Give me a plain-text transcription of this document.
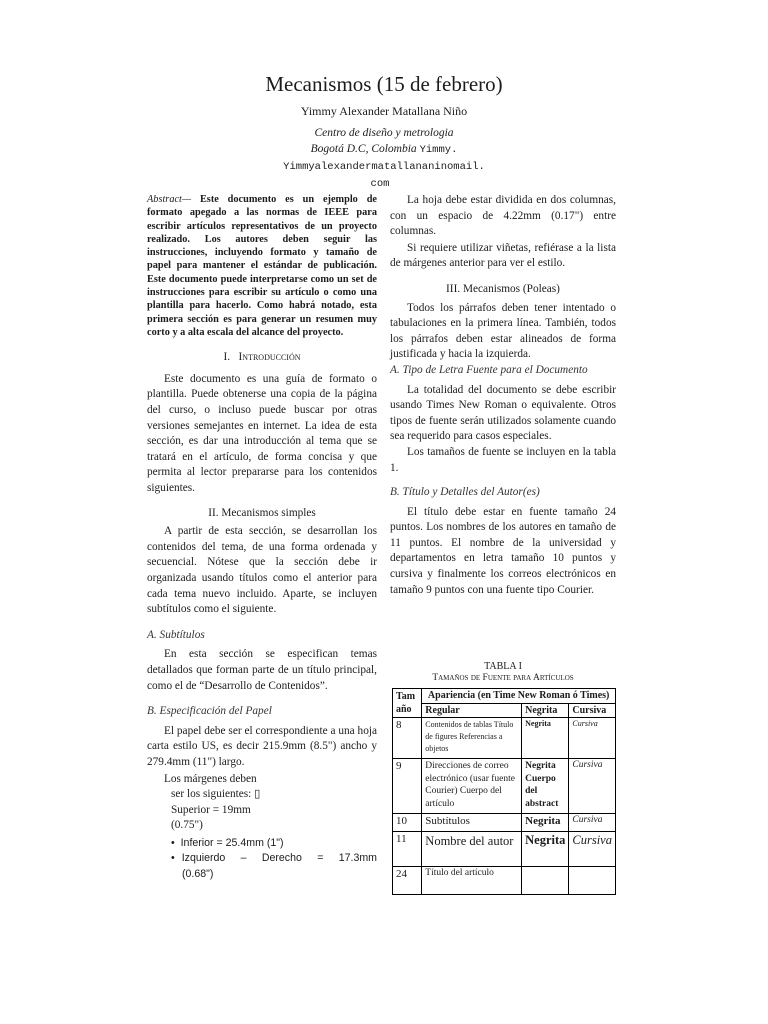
Mecanismos (15 de febrero)
Yimmy Alexander Matallana Niño
Centro de diseño y metrologia
Bogotá D.C, Colombia Yimmy.
Yimmyalexandermatallananinomail.
com

Abstract— Este documento es un ejemplo de formato apegado a las normas de IEEE para escribir artículos representativos de un proyecto realizado. Los autores deben seguir las instrucciones, incluyendo formato y tamaño de papel para mantener el estándar de publicación. Este documento puede interpretarse como un set de instrucciones para escribir su artículo o como una plantilla para hacerlo. Como habrá notado, esta primera sección es para generar un resumen muy corto y a alta escala del alcance del proyecto.

I. Introducción

Este documento es una guía de formato o plantilla. Puede obtenerse una copia de la página del curso, o incluso puede buscar por otras versiones semejantes en internet. La idea de esta sección, es dar una introducción al tema que se tratará en el artículo, de forma concisa y que permita al lector prepararse para los contenidos siguientes.

II. Mecanismos simples

A partir de esta sección, se desarrollan los contenidos del tema, de una forma ordenada y secuencial. Nótese que la sección debe ir organizada usando títulos como el anterior para cada tema nuevo incluido. Aparte, se incluyen subtítulos como el siguiente.

A. Subtítulos

En esta sección se especifican temas detallados que forman parte de un título principal, como el de “Desarrollo de Contenidos”.

B. Especificación del Papel

El papel debe ser el correspondiente a una hoja carta estilo US, es decir 215.9mm (8.5") ancho y 279.4mm (11") largo.

Los márgenes deben

ser los siguientes: ▯

Superior = 19mm

(0.75")

• Inferior = 25.4mm (1")

• Izquierdo – Derecho = 17.3mm

(0.68")

La hoja debe estar dividida en dos columnas, con un espacio de 4.22mm (0.17") entre columnas.

Si requiere utilizar viñetas, refiérase a la lista de márgenes anterior para ver el estilo.

III. Mecanismos (Poleas)

Todos los párrafos deben tener intentado o tabulaciones en la primera línea. También, todos los párrafos deben estar alineados de forma justificada y hacia la izquierda.

A. Tipo de Letra Fuente para el Documento

La totalidad del documento se debe escribir usando Times New Roman o equivalente. Otros tipos de fuente serán utilizados solamente cuando sea requerido para casos especiales.

Los tamaños de fuente se incluyen en la tabla 1.

B. Título y Detalles del Autor(es)

El título debe estar en fuente tamaño 24 puntos. Los nombres de los autores en tamaño de 11 puntos. El nombre de la universidad y departamentos en letra tamaño 10 puntos y cursiva y finalmente los correos electrónicos en tamaño 9 puntos con una fuente tipo Courier.

TABLA I
Tamaños de Fuente para Artículos
Tam año	Apariencia (en Time New Roman ó Times)		
	Regular	Negrita	Cursiva
8	Contenidos de tablas Título de figures Referencias a objetos	Negrita	Cursiva
9	Direcciones de correo electrónico (usar fuente Courier) Cuerpo del artículo	Negrita Cuerpo del abstract	Cursiva
10	Subtítulos	Negrita	Cursiva
11	Nombre del autor	Negrita	Cursiva
24	Título del artículo		
